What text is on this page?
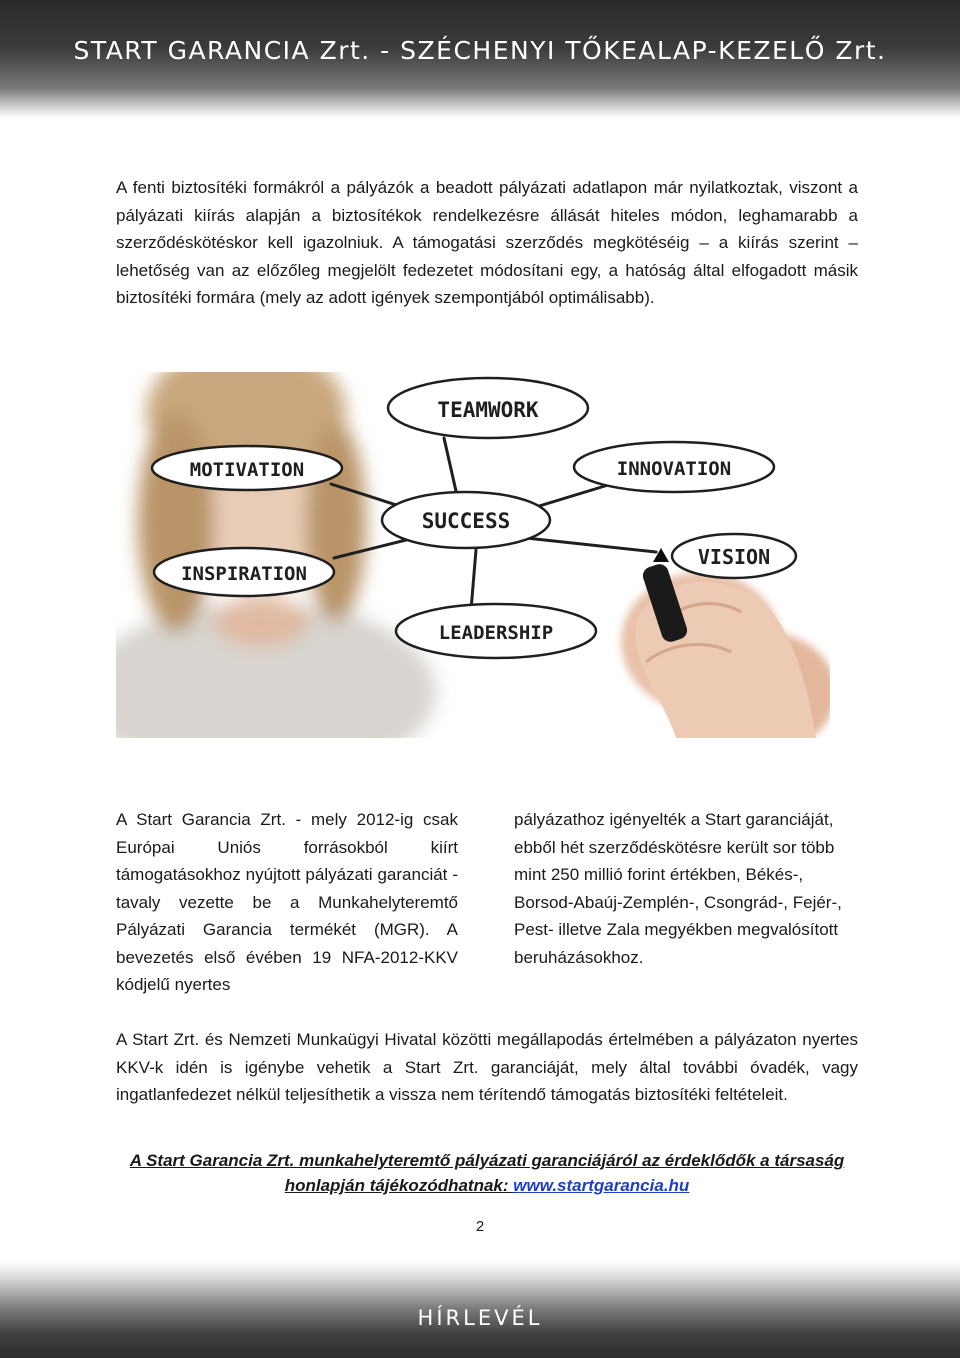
START GARANCIA Zrt. - SZÉCHENYI TŐKEALAP-KEZELŐ Zrt.

A fenti biztosítéki formákról a pályázók a beadott pályázati adatlapon már nyilatkoztak, viszont a pályázati kiírás alapján a biztosítékok rendelkezésre állását hiteles módon, leghamarabb a szerződéskötéskor kell igazolniuk. A támogatási szerződés megkötéséig – a kiírás szerint – lehetőség van az előzőleg megjelölt fedezetet módosítani egy, a hatóság által elfogadott másik biztosítéki formára (mely az adott igények szempontjából optimálisabb).

TEAMWORK
MOTIVATION	INNOVATION
SUCCESS
INSPIRATION
VISION
LEADERSHIP

A Start Garancia Zrt. - mely 2012-ig csak Európai Uniós forrásokból kiírt támogatásokhoz nyújtott pályázati garanciát - tavaly vezette be a Munkahelyteremtő Pályázati Garancia termékét (MGR). A bevezetés első évében 19 NFA-2012-KKV kódjelű nyertes

pályázathoz igényelték a Start garanciáját, ebből hét szerződéskötésre került sor több mint 250 millió forint értékben, Békés-, Borsod-Abaúj-Zemplén-, Csongrád-, Fejér-, Pest- illetve Zala megyékben megvalósított beruházásokhoz.

A Start Zrt. és Nemzeti Munkaügyi Hivatal közötti megállapodás értelmében a pályázaton nyertes KKV-k idén is igénybe vehetik a Start Zrt. garanciáját, mely által további óvadék, vagy ingatlanfedezet nélkül teljesíthetik a vissza nem térítendő támogatás biztosítéki feltételeit.

A Start Garancia Zrt. munkahelyteremtő pályázati garanciájáról az érdeklődők a társaság honlapján tájékozódhatnak: www.startgarancia.hu

2
HÍRLEVÉL
